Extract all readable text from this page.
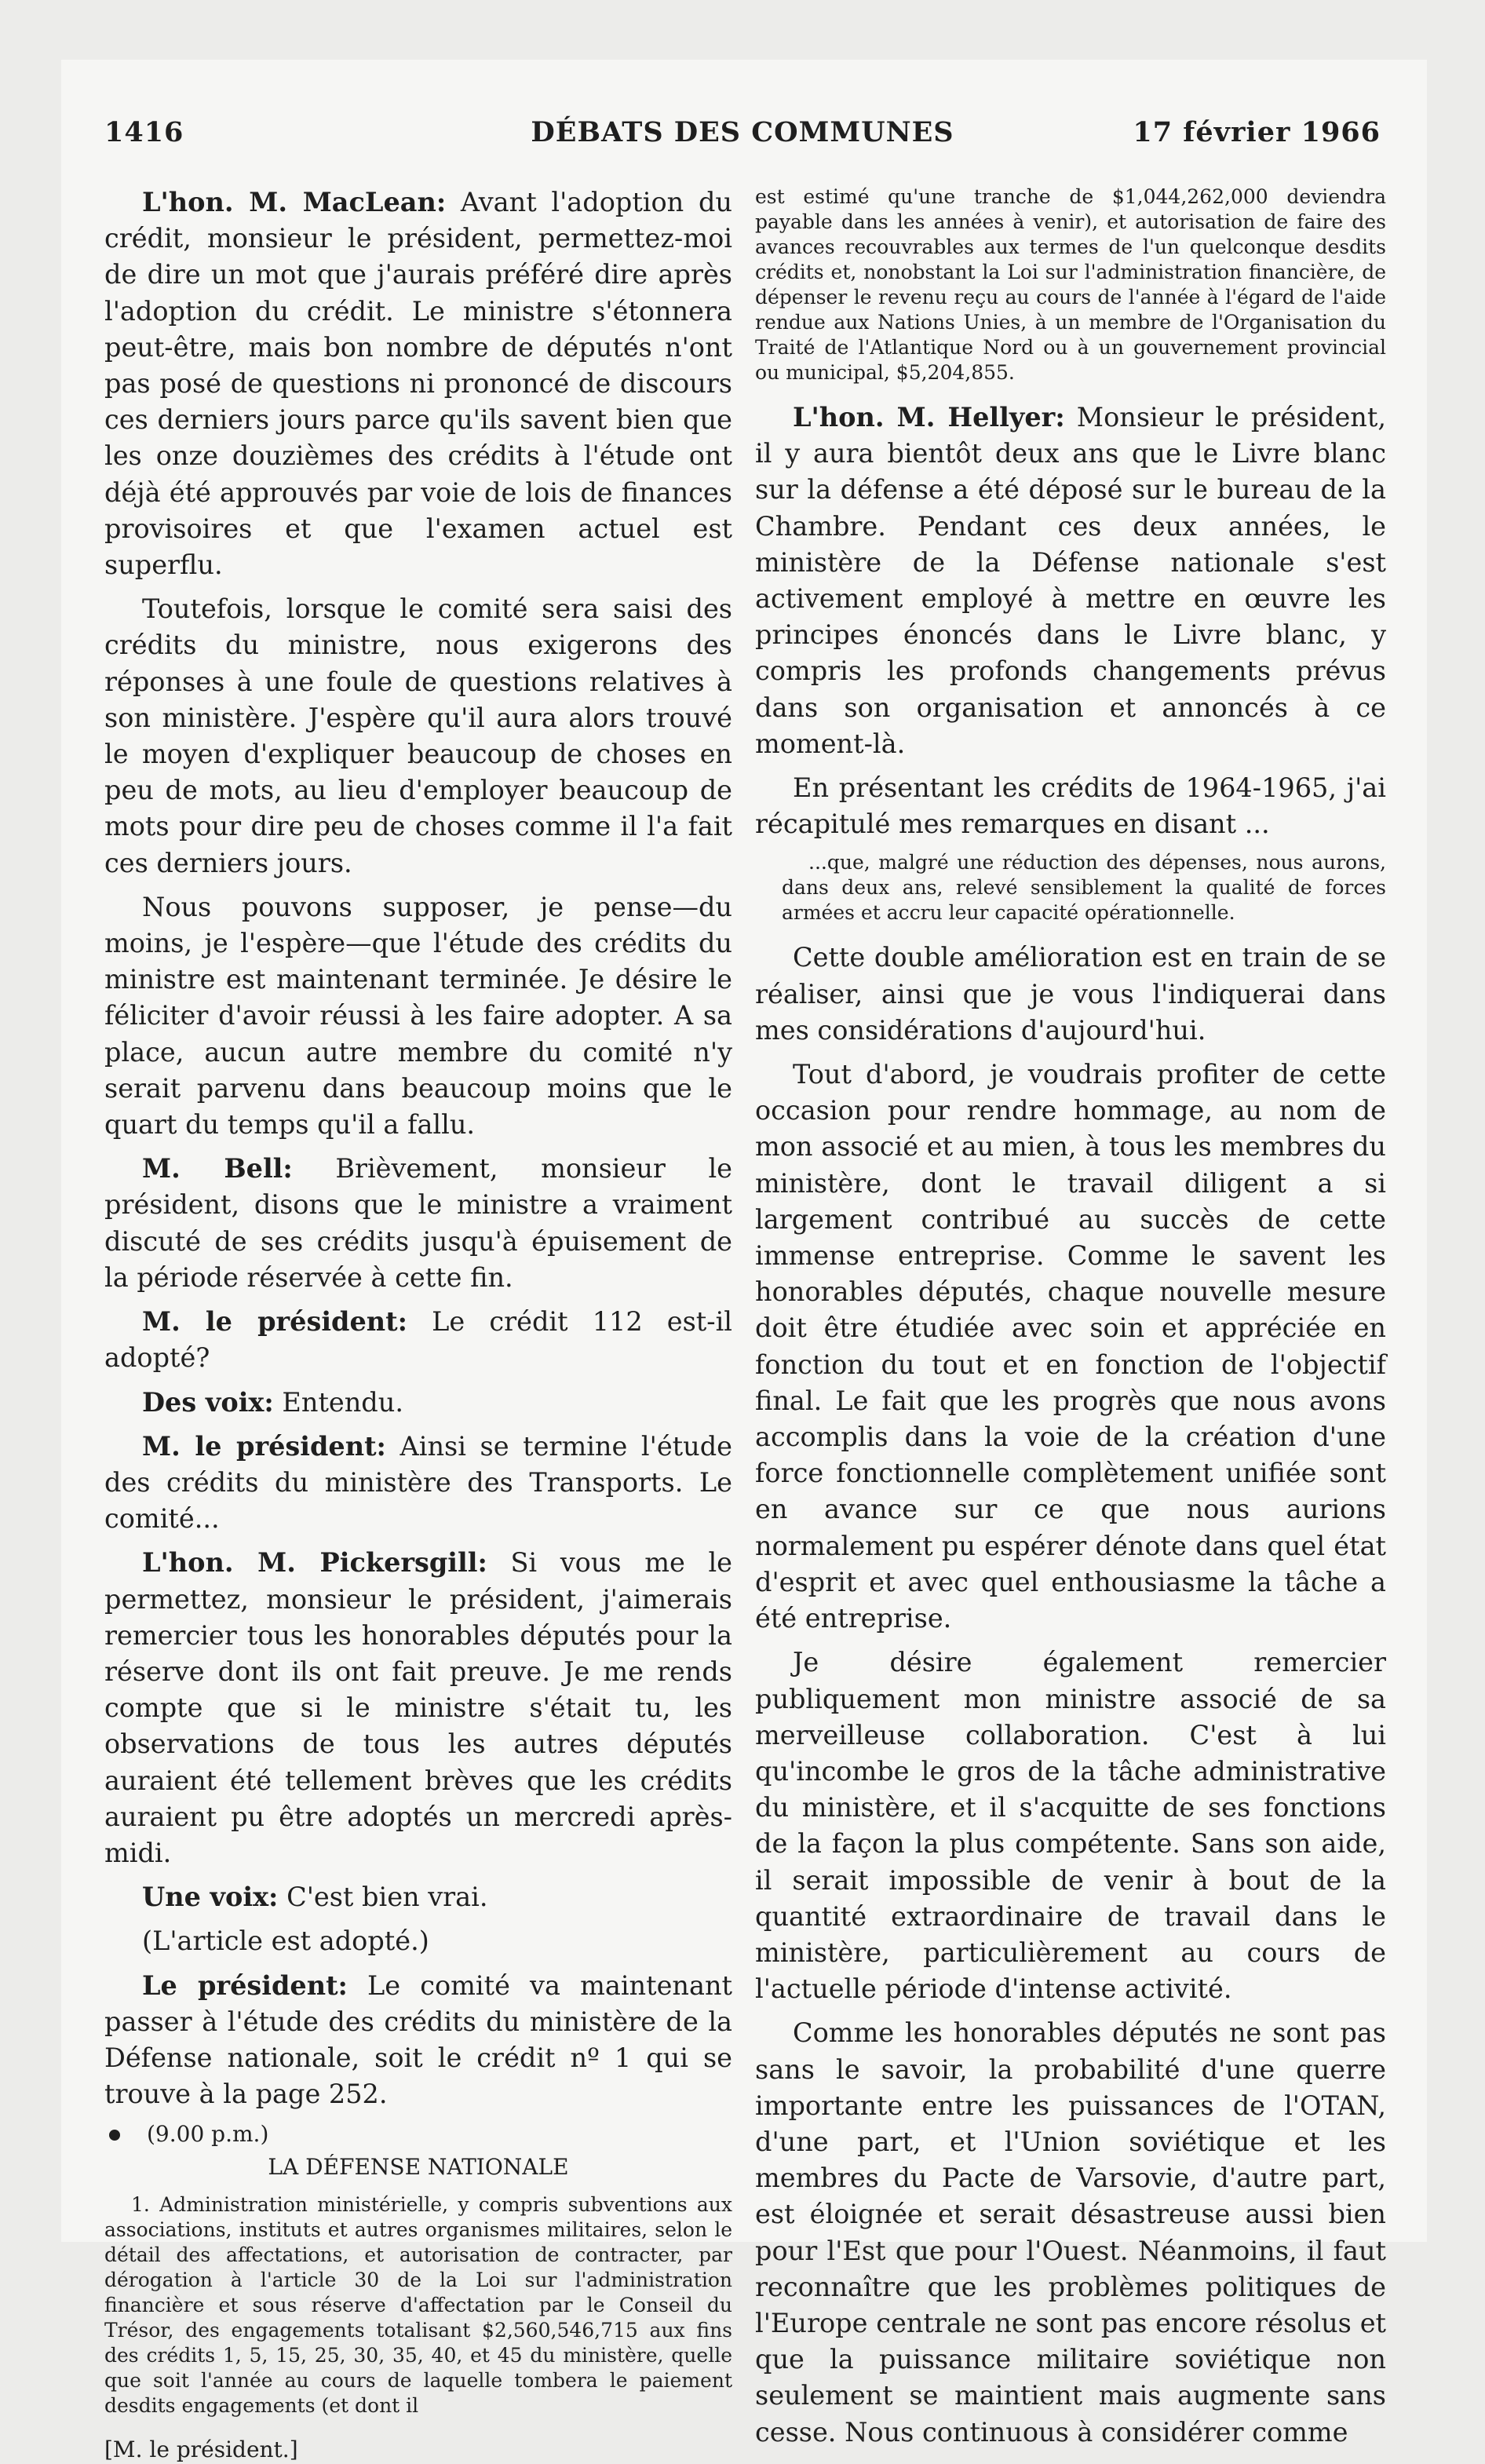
1416	DÉBATS DES COMMUNES	17 février 1966

L'hon. M. MacLean: Avant l'adoption du crédit, monsieur le président, permettez-moi de dire un mot que j'aurais préféré dire après l'adoption du crédit. Le ministre s'étonnera peut-être, mais bon nombre de députés n'ont pas posé de questions ni prononcé de discours ces derniers jours parce qu'ils savent bien que les onze douzièmes des crédits à l'étude ont déjà été approuvés par voie de lois de finances provisoires et que l'examen actuel est superflu.

Toutefois, lorsque le comité sera saisi des crédits du ministre, nous exigerons des réponses à une foule de questions relatives à son ministère. J'espère qu'il aura alors trouvé le moyen d'expliquer beaucoup de choses en peu de mots, au lieu d'employer beaucoup de mots pour dire peu de choses comme il l'a fait ces derniers jours.

Nous pouvons supposer, je pense—du moins, je l'espère—que l'étude des crédits du ministre est maintenant terminée. Je désire le féliciter d'avoir réussi à les faire adopter. A sa place, aucun autre membre du comité n'y serait parvenu dans beaucoup moins que le quart du temps qu'il a fallu.

M. Bell: Brièvement, monsieur le président, disons que le ministre a vraiment discuté de ses crédits jusqu'à épuisement de la période réservée à cette fin.

M. le président: Le crédit 112 est-il adopté?

Des voix: Entendu.

M. le président: Ainsi se termine l'étude des crédits du ministère des Transports. Le comité...

L'hon. M. Pickersgill: Si vous me le permettez, monsieur le président, j'aimerais remercier tous les honorables députés pour la réserve dont ils ont fait preuve. Je me rends compte que si le ministre s'était tu, les observations de tous les autres députés auraient été tellement brèves que les crédits auraient pu être adoptés un mercredi après-midi.

Une voix: C'est bien vrai.

(L'article est adopté.)

Le président: Le comité va maintenant passer à l'étude des crédits du ministère de la Défense nationale, soit le crédit nº 1 qui se trouve à la page 252.

(9.00 p.m.)
LA DÉFENSE NATIONALE
1. Administration ministérielle, y compris subventions aux associations, instituts et autres organismes militaires, selon le détail des affectations, et autorisation de contracter, par dérogation à l'article 30 de la Loi sur l'administration financière et sous réserve d'affectation par le Conseil du Trésor, des engagements totalisant $2,560,546,715 aux fins des crédits 1, 5, 15, 25, 30, 35, 40, et 45 du ministère, quelle que soit l'année au cours de laquelle tombera le paiement desdits engagements (et dont il
[M. le président.]
est estimé qu'une tranche de $1,044,262,000 deviendra payable dans les années à venir), et autorisation de faire des avances recouvrables aux termes de l'un quelconque desdits crédits et, nonobstant la Loi sur l'administration financière, de dépenser le revenu reçu au cours de l'année à l'égard de l'aide rendue aux Nations Unies, à un membre de l'Organisation du Traité de l'Atlantique Nord ou à un gouvernement provincial ou municipal, $5,204,855.

L'hon. M. Hellyer: Monsieur le président, il y aura bientôt deux ans que le Livre blanc sur la défense a été déposé sur le bureau de la Chambre. Pendant ces deux années, le ministère de la Défense nationale s'est activement employé à mettre en œuvre les principes énoncés dans le Livre blanc, y compris les profonds changements prévus dans son organisation et annoncés à ce moment-là.

En présentant les crédits de 1964-1965, j'ai récapitulé mes remarques en disant ...

...que, malgré une réduction des dépenses, nous aurons, dans deux ans, relevé sensiblement la qualité de forces armées et accru leur capacité opérationnelle.

Cette double amélioration est en train de se réaliser, ainsi que je vous l'indiquerai dans mes considérations d'aujourd'hui.

Tout d'abord, je voudrais profiter de cette occasion pour rendre hommage, au nom de mon associé et au mien, à tous les membres du ministère, dont le travail diligent a si largement contribué au succès de cette immense entreprise. Comme le savent les honorables députés, chaque nouvelle mesure doit être étudiée avec soin et appréciée en fonction du tout et en fonction de l'objectif final. Le fait que les progrès que nous avons accomplis dans la voie de la création d'une force fonctionnelle complètement unifiée sont en avance sur ce que nous aurions normalement pu espérer dénote dans quel état d'esprit et avec quel enthousiasme la tâche a été entreprise.

Je désire également remercier publiquement mon ministre associé de sa merveilleuse collaboration. C'est à lui qu'incombe le gros de la tâche administrative du ministère, et il s'acquitte de ses fonctions de la façon la plus compétente. Sans son aide, il serait impossible de venir à bout de la quantité extraordinaire de travail dans le ministère, particulièrement au cours de l'actuelle période d'intense activité.

Comme les honorables députés ne sont pas sans le savoir, la probabilité d'une querre importante entre les puissances de l'OTAN, d'une part, et l'Union soviétique et les membres du Pacte de Varsovie, d'autre part, est éloignée et serait désastreuse aussi bien pour l'Est que pour l'Ouest. Néanmoins, il faut reconnaître que les problèmes politiques de l'Europe centrale ne sont pas encore résolus et que la puissance militaire soviétique non seulement se maintient mais augmente sans cesse. Nous continuous à considérer comme
